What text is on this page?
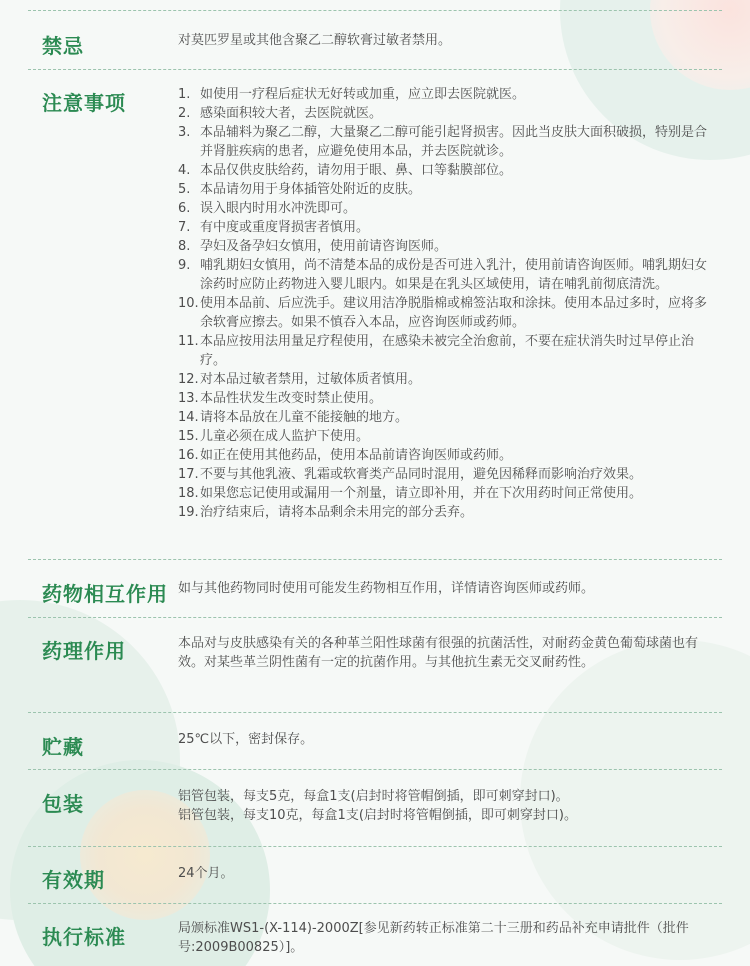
禁忌	对莫匹罗星或其他含聚乙二醇软膏过敏者禁用。
注意事项	1. 如使用一疗程后症状无好转或加重，应立即去医院就医。
2. 感染面积较大者，去医院就医。
3. 本品辅料为聚乙二醇，大量聚乙二醇可能引起肾损害。因此当皮肤大面积破损，特别是合并肾脏疾病的患者，应避免使用本品，并去医院就诊。
4. 本品仅供皮肤给药，请勿用于眼、鼻、口等黏膜部位。
5. 本品请勿用于身体插管处附近的皮肤。
6. 误入眼内时用水冲洗即可。
7. 有中度或重度肾损害者慎用。
8. 孕妇及备孕妇女慎用，使用前请咨询医师。
9. 哺乳期妇女慎用，尚不清楚本品的成份是否可进入乳汁，使用前请咨询医师。哺乳期妇女涂药时应防止药物进入婴儿眼内。如果是在乳头区域使用，请在哺乳前彻底清洗。
10. 使用本品前、后应洗手。建议用洁净脱脂棉或棉签沾取和涂抹。使用本品过多时，应将多余软膏应擦去。如果不慎吞入本品，应咨询医师或药师。
11. 本品应按用法用量足疗程使用，在感染未被完全治愈前，不要在症状消失时过早停止治疗。
12. 对本品过敏者禁用，过敏体质者慎用。
13. 本品性状发生改变时禁止使用。
14. 请将本品放在儿童不能接触的地方。
15. 儿童必须在成人监护下使用。
16. 如正在使用其他药品，使用本品前请咨询医师或药师。
17. 不要与其他乳液、乳霜或软膏类产品同时混用，避免因稀释而影响治疗效果。
18. 如果您忘记使用或漏用一个剂量，请立即补用，并在下次用药时间正常使用。
19. 治疗结束后，请将本品剩余未用完的部分丢弃。
药物相互作用 如与其他药物同时使用可能发生药物相互作用，详情请咨询医师或药师。
药理作用	本品对与皮肤感染有关的各种革兰阳性球菌有很强的抗菌活性，对耐药金黄色葡萄球菌也有效。对某些革兰阴性菌有一定的抗菌作用。与其他抗生素无交叉耐药性。
贮藏	25℃以下，密封保存。
包装	铝管包装，每支5克，每盒1支(启封时将管帽倒插，即可刺穿封口)。
铝管包装，每支10克，每盒1支(启封时将管帽倒插，即可刺穿封口)。
有效期	24个月。
执行标准	局颁标准WS1-(X-114)-2000Z[参见新药转正标准第二十三册和药品补充申请批件（批件号:2009B00825）]。
